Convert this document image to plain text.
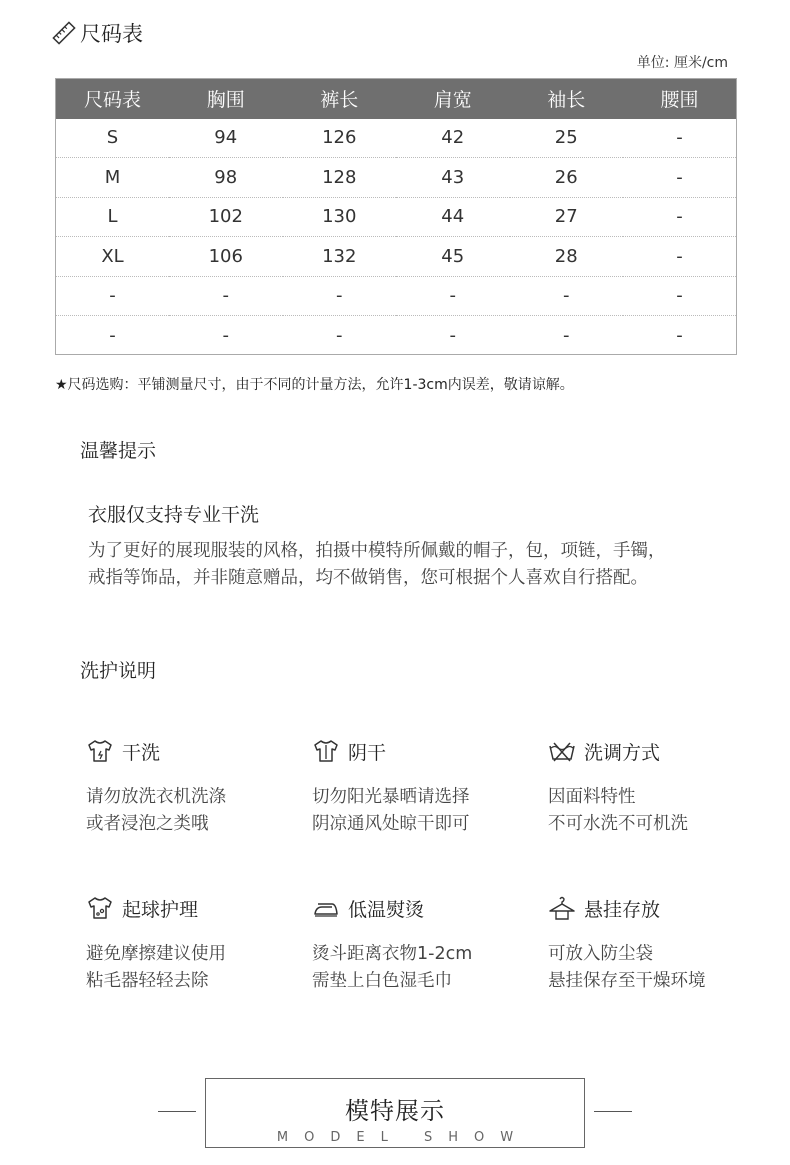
尺码表
单位: 厘米/cm
尺码表	胸围	裤长	肩宽	袖长	腰围
S	94	126	42	25	-
M	98	128	43	26	-
L	102	130	44	27	-
XL	106	132	45	28	-
-	-	-	-	-	-
-	-	-	-	-	-
★尺码选购：平铺测量尺寸，由于不同的计量方法，允许1-3cm内误差，敬请谅解。
温馨提示
衣服仅支持专业干洗
为了更好的展现服装的风格，拍摄中模特所佩戴的帽子，包，项链，手镯，
戒指等饰品，并非随意赠品，均不做销售，您可根据个人喜欢自行搭配。
洗护说明
干洗
请勿放洗衣机洗涤
或者浸泡之类哦
阴干
切勿阳光暴晒请选择
阴凉通风处晾干即可
洗调方式
因面料特性
不可水洗不可机洗
起球护理
避免摩擦建议使用
粘毛器轻轻去除
低温熨烫
烫斗距离衣物1-2cm
需垫上白色湿毛巾
悬挂存放
可放入防尘袋
悬挂保存至干燥环境
模特展示
MODEL SHOW
